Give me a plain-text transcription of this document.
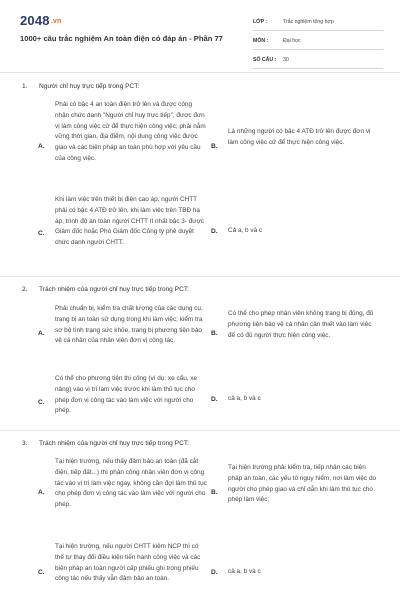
2048.vn
1000+ câu trắc nghiệm An toàn điện có đáp án - Phần 77
LỚP :	Trắc nghiệm tổng hợp
MÔN :	Đại học
SỐ CÂU :	30
1. Người chỉ huy trực tiếp trong PCT:
A.
Phải có bậc 4 an toàn điện trở lên và được công nhận chức danh "Người chỉ huy trực tiếp", được đơn vị làm công việc cử để thực hiện công việc; phải nắm vững thời gian, địa điểm, nội dung công việc được giao và các biện pháp an toàn phù hợp với yêu cầu của công việc.
B.
Là những người có bậc 4 ATĐ trở lên được đơn vị làm công việc cử để thực hiện công việc.
C.
Khi làm việc trên thiết bị điện cao áp, người CHTT phải có bậc 4 ATĐ trở lên, khi làm việc trên TBĐ hạ áp, trình độ an toàn người CHTT ít nhất bậc 3- được Giám đốc hoặc Phó Giám đốc Công ty phê duyệt chức danh người CHTT.
D. Cả a, b và c
2. Trách nhiệm của người chỉ huy trực tiếp trong PCT:
A.
Phải chuẩn bị, kiểm tra chất lượng của các dụng cụ, trang bị an toàn sử dụng trong khi làm việc; kiểm tra sơ bộ tình trạng sức khỏe, trang bị phương tiện bảo vệ cá nhân của nhân viên đơn vị công tác.
B.
Có thể cho phép nhân viên không trang bị đủng, đủ phương tiện bảo vệ cá nhân cần thiết vào làm việc để có đủ người thực hiện công việc.
C.
Có thể cho phương tiện thi công (ví dụ: xe cẩu, xe nâng) vào vị trí làm việc trước khi làm thủ tục cho phép đơn vị công tác vào làm việc với người cho phép.
D. cả a, b và c
3. Trách nhiệm của người chỉ huy trực tiếp trong PCT:
A.
Tại hiện trường, nếu thấy đảm bảo an toàn (đã cắt điện, tiếp đất...) thì phân công nhân viên đơn vị công tác vào vị trí làm việc ngay, không cần đợi làm thủ tục cho phép đơn vị công tác vào làm việc với người cho phép.
B.
Tại hiện trường phải kiểm tra, tiếp nhận các biện pháp an toàn, các yếu tố nguy hiểm, nơi làm việc do người cho phép giao và chỉ dẫn khi làm thủ tục cho phép làm việc;
C.
Tại hiện trường, nếu người CHTT kiêm NCP thì có thể tự thay đổi điều kiện tiến hành công việc và các biện pháp an toàn người cấp phiếu ghi trong phiếu công tác nếu thấy vẫn đảm bảo an toàn.
D. cả a, b và c
